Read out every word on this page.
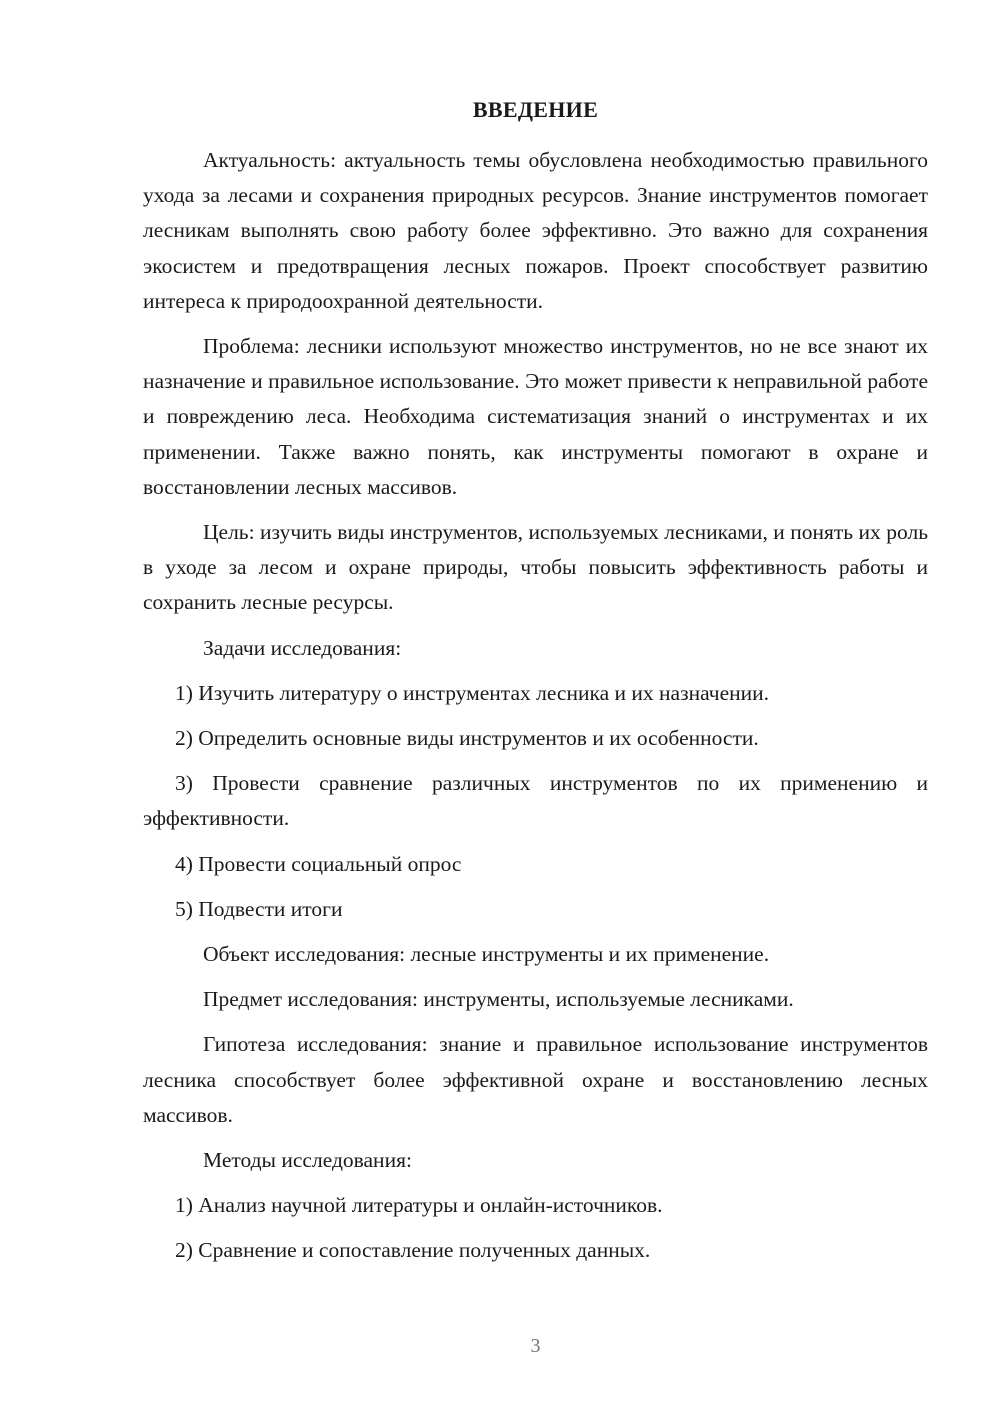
ВВЕДЕНИЕ

Актуальность: актуальность темы обусловлена необходимостью правильного ухода за лесами и сохранения природных ресурсов. Знание инструментов помогает лесникам выполнять свою работу более эффективно. Это важно для сохранения экосистем и предотвращения лесных пожаров. Проект способствует развитию интереса к природоохранной деятельности.

Проблема: лесники используют множество инструментов, но не все знают их назначение и правильное использование. Это может привести к неправильной работе и повреждению леса. Необходима систематизация знаний о инструментах и их применении. Также важно понять, как инструменты помогают в охране и восстановлении лесных массивов.

Цель: изучить виды инструментов, используемых лесниками, и понять их роль в уходе за лесом и охране природы, чтобы повысить эффективность работы и сохранить лесные ресурсы.

Задачи исследования:

1) Изучить литературу о инструментах лесника и их назначении.

2) Определить основные виды инструментов и их особенности.

3) Провести сравнение различных инструментов по их применению и эффективности.

4) Провести социальный опрос

5) Подвести итоги

Объект исследования: лесные инструменты и их применение.

Предмет исследования: инструменты, используемые лесниками.

Гипотеза исследования: знание и правильное использование инструментов лесника способствует более эффективной охране и восстановлению лесных массивов.

Методы исследования:

1) Анализ научной литературы и онлайн-источников.

2) Сравнение и сопоставление полученных данных.

3
